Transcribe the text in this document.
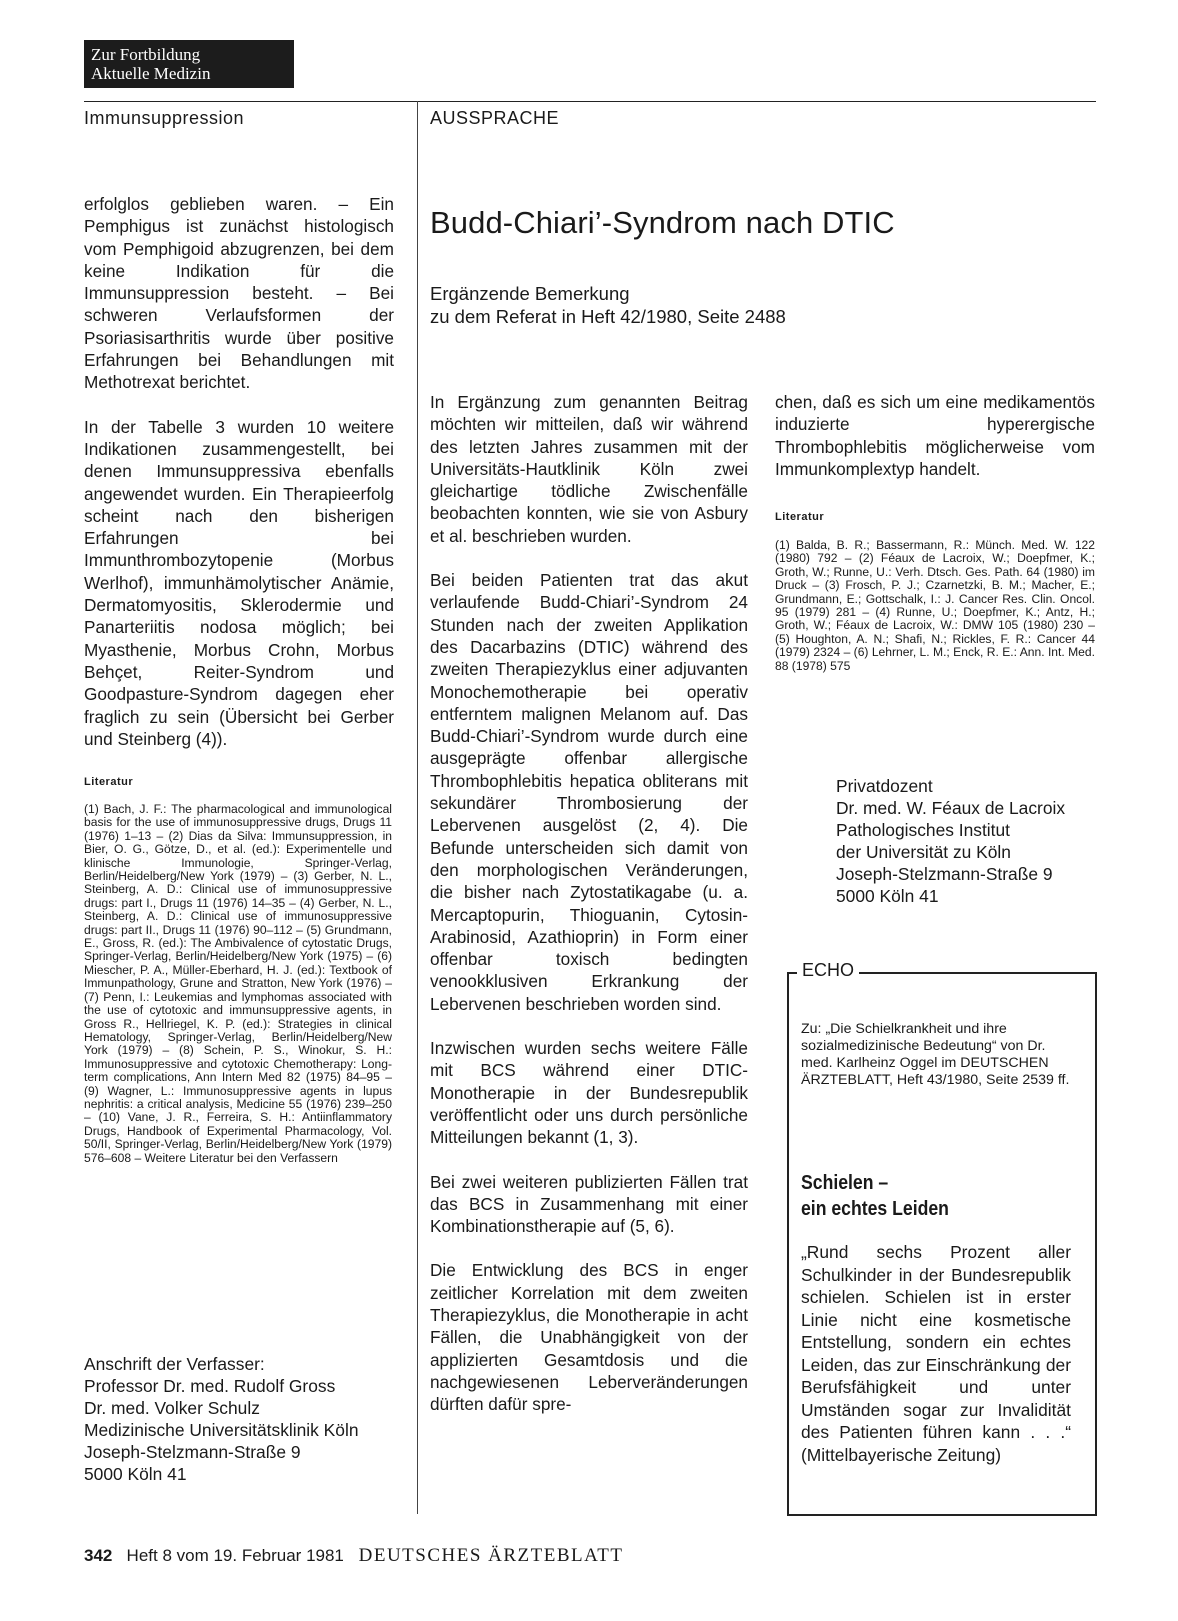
Zur Fortbildung
Aktuelle Medizin
Immunsuppression	AUSSPRACHE

erfolglos geblieben waren. – Ein Pemphigus ist zunächst histologisch vom Pemphigoid abzugrenzen, bei dem keine Indikation für die Immunsuppression besteht. – Bei schweren Verlaufsformen der Psoriasisarthritis wurde über positive Erfahrungen bei Behandlungen mit Methotrexat berichtet.

In der Tabelle 3 wurden 10 weitere Indikationen zusammengestellt, bei denen Immunsuppressiva ebenfalls angewendet wurden. Ein Therapieerfolg scheint nach den bisherigen Erfahrungen bei Immunthrombozytopenie (Morbus Werlhof), immunhämolytischer Anämie, Dermatomyositis, Sklerodermie und Panarteriitis nodosa möglich; bei Myasthenie, Morbus Crohn, Morbus Behçet, Reiter-Syndrom und Goodpasture-Syndrom dagegen eher fraglich zu sein (Übersicht bei Gerber und Steinberg (4)).

Literatur
(1) Bach, J. F.: The pharmacological and immunological basis for the use of immunosuppressive drugs, Drugs 11 (1976) 1–13 – (2) Dias da Silva: Immunsuppression, in Bier, O. G., Götze, D., et al. (ed.): Experimentelle und klinische Immunologie, Springer-Verlag, Berlin/Heidelberg/New York (1979) – (3) Gerber, N. L., Steinberg, A. D.: Clinical use of immunosuppressive drugs: part I., Drugs 11 (1976) 14–35 – (4) Gerber, N. L., Steinberg, A. D.: Clinical use of immunosuppressive drugs: part II., Drugs 11 (1976) 90–112 – (5) Grundmann, E., Gross, R. (ed.): The Ambivalence of cytostatic Drugs, Springer-Verlag, Berlin/Heidelberg/New York (1975) – (6) Miescher, P. A., Müller-Eberhard, H. J. (ed.): Textbook of Immunpathology, Grune and Stratton, New York (1976) – (7) Penn, I.: Leukemias and lymphomas associated with the use of cytotoxic and immunsuppressive agents, in Gross R., Hellriegel, K. P. (ed.): Strategies in clinical Hematology, Springer-Verlag, Berlin/Heidelberg/New York (1979) – (8) Schein, P. S., Winokur, S. H.: Immunosuppressive and cytotoxic Chemotherapy: Long-term complications, Ann Intern Med 82 (1975) 84–95 – (9) Wagner, L.: Immunosuppressive agents in lupus nephritis: a critical analysis, Medicine 55 (1976) 239–250 – (10) Vane, J. R., Ferreira, S. H.: Antiinflammatory Drugs, Handbook of Experimental Pharmacology, Vol. 50/II, Springer-Verlag, Berlin/Heidelberg/New York (1979) 576–608 – Weitere Literatur bei den Verfassern
Anschrift der Verfasser:
Professor Dr. med. Rudolf Gross
Dr. med. Volker Schulz
Medizinische Universitätsklinik Köln
Joseph-Stelzmann-Straße 9
5000 Köln 41
Budd-Chiari’-Syndrom nach DTIC
Ergänzende Bemerkung
zu dem Referat in Heft 42/1980, Seite 2488

In Ergänzung zum genannten Beitrag möchten wir mitteilen, daß wir während des letzten Jahres zusammen mit der Universitäts-Hautklinik Köln zwei gleichartige tödliche Zwischenfälle beobachten konnten, wie sie von Asbury et al. beschrieben wurden.

Bei beiden Patienten trat das akut verlaufende Budd-Chiari’-Syndrom 24 Stunden nach der zweiten Applikation des Dacarbazins (DTIC) während des zweiten Therapiezyklus einer adjuvanten Monochemotherapie bei operativ entferntem malignen Melanom auf. Das Budd-Chiari’-Syndrom wurde durch eine ausgeprägte offenbar allergische Thrombophlebitis hepatica obliterans mit sekundärer Thrombosierung der Lebervenen ausgelöst (2, 4). Die Befunde unterscheiden sich damit von den morphologischen Veränderungen, die bisher nach Zytostatikagabe (u. a. Mercaptopurin, Thioguanin, Cytosin-Arabinosid, Azathioprin) in Form einer offenbar toxisch bedingten venookklusiven Erkrankung der Lebervenen beschrieben worden sind.

Inzwischen wurden sechs weitere Fälle mit BCS während einer DTIC-Monotherapie in der Bundesrepublik veröffentlicht oder uns durch persönliche Mitteilungen bekannt (1, 3).

Bei zwei weiteren publizierten Fällen trat das BCS in Zusammenhang mit einer Kombinationstherapie auf (5, 6).

Die Entwicklung des BCS in enger zeitlicher Korrelation mit dem zweiten Therapiezyklus, die Monotherapie in acht Fällen, die Unabhängigkeit von der applizierten Gesamtdosis und die nachgewiesenen Leberveränderungen dürften dafür spre-

chen, daß es sich um eine medikamentös induzierte hyperergische Thrombophlebitis möglicherweise vom Immunkomplextyp handelt.

Literatur
(1) Balda, B. R.; Bassermann, R.: Münch. Med. W. 122 (1980) 792 – (2) Féaux de Lacroix, W.; Doepfmer, K.; Groth, W.; Runne, U.: Verh. Dtsch. Ges. Path. 64 (1980) im Druck – (3) Frosch, P. J.; Czarnetzki, B. M.; Macher, E.; Grundmann, E.; Gottschalk, I.: J. Cancer Res. Clin. Oncol. 95 (1979) 281 – (4) Runne, U.; Doepfmer, K.; Antz, H.; Groth, W.; Féaux de Lacroix, W.: DMW 105 (1980) 230 – (5) Houghton, A. N.; Shafi, N.; Rickles, F. R.: Cancer 44 (1979) 2324 – (6) Lehrner, L. M.; Enck, R. E.: Ann. Int. Med. 88 (1978) 575
Privatdozent
Dr. med. W. Féaux de Lacroix
Pathologisches Institut
der Universität zu Köln
Joseph-Stelzmann-Straße 9
5000 Köln 41
ECHO
Zu: „Die Schielkrankheit und ihre sozialmedizinische Bedeutung“ von Dr. med. Karlheinz Oggel im DEUTSCHEN ÄRZTEBLATT, Heft 43/1980, Seite 2539 ff.
Schielen –
ein echtes Leiden
„Rund sechs Prozent aller Schulkinder in der Bundesrepublik schielen. Schielen ist in erster Linie nicht eine kosmetische Entstellung, sondern ein echtes Leiden, das zur Einschränkung der Berufsfähigkeit und unter Umständen sogar zur Invalidität des Patienten führen kann . . .“ (Mittelbayerische Zeitung)
342 Heft 8 vom 19. Februar 1981 DEUTSCHES ÄRZTEBLATT
